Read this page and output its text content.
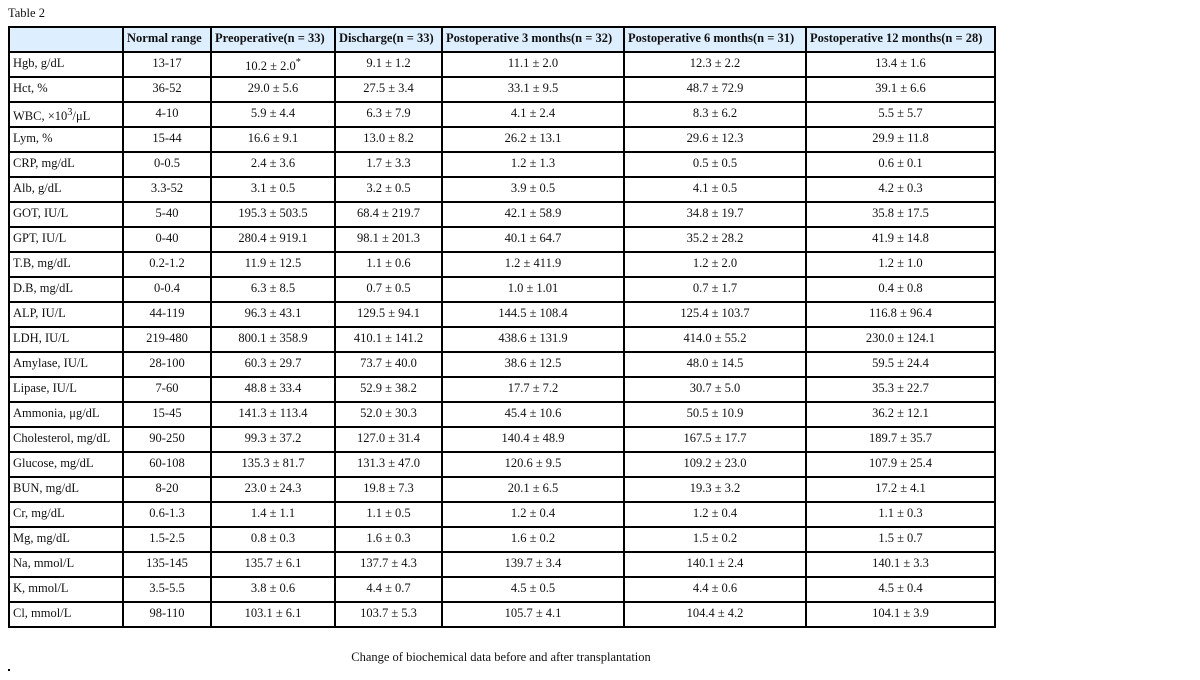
Table 2
	Normal range	Preoperative(n = 33)	Discharge(n = 33)	Postoperative 3 months(n = 32)	Postoperative 6 months(n = 31)	Postoperative 12 months(n = 28)
Hgb, g/dL	13-17	10.2 ± 2.0*	9.1 ± 1.2	11.1 ± 2.0	12.3 ± 2.2	13.4 ± 1.6
Hct, %	36-52	29.0 ± 5.6	27.5 ± 3.4	33.1 ± 9.5	48.7 ± 72.9	39.1 ± 6.6
WBC, $\times 10^3/\mu L$	4-10	5.9 ± 4.4	6.3 ± 7.9	4.1 ± 2.4	8.3 ± 6.2	5.5 ± 5.7
Lym, %	15-44	16.6 ± 9.1	13.0 ± 8.2	26.2 ± 13.1	29.6 ± 12.3	29.9 ± 11.8
CRP, mg/dL	0-0.5	2.4 ± 3.6	1.7 ± 3.3	1.2 ± 1.3	0.5 ± 0.5	0.6 ± 0.1
Alb, g/dL	3.3-52	3.1 ± 0.5	3.2 ± 0.5	3.9 ± 0.5	4.1 ± 0.5	4.2 ± 0.3
GOT, IU/L	5-40	195.3 ± 503.5	68.4 ± 219.7	42.1 ± 58.9	34.8 ± 19.7	35.8 ± 17.5
GPT, IU/L	0-40	280.4 ± 919.1	98.1 ± 201.3	40.1 ± 64.7	35.2 ± 28.2	41.9 ± 14.8
T.B, mg/dL	0.2-1.2	11.9 ± 12.5	1.1 ± 0.6	1.2 ± 411.9	1.2 ± 2.0	1.2 ± 1.0
D.B, mg/dL	0-0.4	6.3 ± 8.5	0.7 ± 0.5	1.0 ± 1.01	0.7 ± 1.7	0.4 ± 0.8
ALP, IU/L	44-119	96.3 ± 43.1	129.5 ± 94.1	144.5 ± 108.4	125.4 ± 103.7	116.8 ± 96.4
LDH, IU/L	219-480	800.1 ± 358.9	410.1 ± 141.2	438.6 ± 131.9	414.0 ± 55.2	230.0 ± 124.1
Amylase, IU/L	28-100	60.3 ± 29.7	73.7 ± 40.0	38.6 ± 12.5	48.0 ± 14.5	59.5 ± 24.4
Lipase, IU/L	7-60	48.8 ± 33.4	52.9 ± 38.2	17.7 ± 7.2	30.7 ± 5.0	35.3 ± 22.7
Ammonia, μg/dL	15-45	141.3 ± 113.4	52.0 ± 30.3	45.4 ± 10.6	50.5 ± 10.9	36.2 ± 12.1
Cholesterol, mg/dL	90-250	99.3 ± 37.2	127.0 ± 31.4	140.4 ± 48.9	167.5 ± 17.7	189.7 ± 35.7
Glucose, mg/dL	60-108	135.3 ± 81.7	131.3 ± 47.0	120.6 ± 9.5	109.2 ± 23.0	107.9 ± 25.4
BUN, mg/dL	8-20	23.0 ± 24.3	19.8 ± 7.3	20.1 ± 6.5	19.3 ± 3.2	17.2 ± 4.1
Cr, mg/dL	0.6-1.3	1.4 ± 1.1	1.1 ± 0.5	1.2 ± 0.4	1.2 ± 0.4	1.1 ± 0.3
Mg, mg/dL	1.5-2.5	0.8 ± 0.3	1.6 ± 0.3	1.6 ± 0.2	1.5 ± 0.2	1.5 ± 0.7
Na, mmol/L	135-145	135.7 ± 6.1	137.7 ± 4.3	139.7 ± 3.4	140.1 ± 2.4	140.1 ± 3.3
K, mmol/L	3.5-5.5	3.8 ± 0.6	4.4 ± 0.7	4.5 ± 0.5	4.4 ± 0.6	4.5 ± 0.4
Cl, mmol/L	98-110	103.1 ± 6.1	103.7 ± 5.3	105.7 ± 4.1	104.4 ± 4.2	104.1 ± 3.9
Change of biochemical data before and after transplantation
